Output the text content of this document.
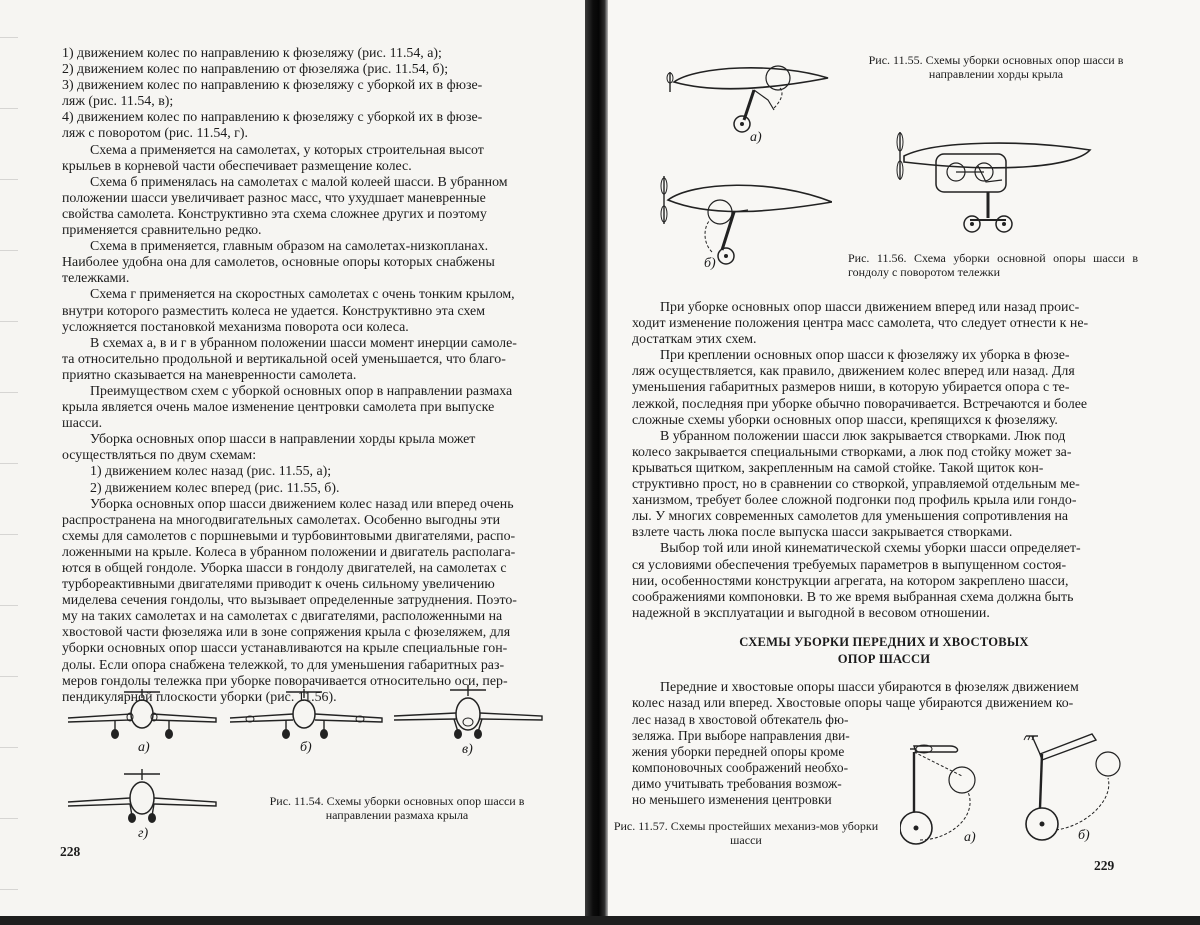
1) движением колес по направлению к фюзеляжу (рис. 11.54, а);
2) движением колес по направлению от фюзеляжа (рис. 11.54, б);
3) движением колес по направлению к фюзеляжу с уборкой их в фюзе-
ляж (рис. 11.54, в);
4) движением колес по направлению к фюзеляжу с уборкой их в фюзе-
ляж с поворотом (рис. 11.54, г).
Схема а применяется на самолетах, у которых строительная высот
крыльев в корневой части обеспечивает размещение колес.
Схема б применялась на самолетах с малой колеей шасси. В убранном
положении шасси увеличивает разнос масс, что ухудшает маневренные
свойства самолета. Конструктивно эта схема сложнее других и поэтому
применяется сравнительно редко.
Схема в применяется, главным образом на самолетах-низкопланах.
Наиболее удобна она для самолетов, основные опоры которых снабжены
тележками.
Схема г применяется на скоростных самолетах с очень тонким крылом,
внутри которого разместить колеса не удается. Конструктивно эта схем
усложняется постановкой механизма поворота оси колеса.
В схемах а, в и г в убранном положении шасси момент инерции самоле-
та относительно продольной и вертикальной осей уменьшается, что благо-
приятно сказывается на маневренности самолета.
Преимуществом схем с уборкой основных опор в направлении размаха
крыла является очень малое изменение центровки самолета при выпуске
шасси.
Уборка основных опор шасси в направлении хорды крыла может
осуществляться по двум схемам:
1) движением колес назад (рис. 11.55, а);
2) движением колес вперед (рис. 11.55, б).
Уборка основных опор шасси движением колес назад или вперед очень
распространена на многодвигательных самолетах. Особенно выгодны эти
схемы для самолетов с поршневыми и турбовинтовыми двигателями, распо-
ложенными на крыле. Колеса в убранном положении и двигатель располага-
ются в общей гондоле. Уборка шасси в гондолу двигателей, на самолетах с
турбореактивными двигателями приводит к очень сильному увеличению
миделева сечения гондолы, что вызывает определенные затруднения. Поэто-
му на таких самолетах и на самолетах с двигателями, расположенными на
хвостовой части фюзеляжа или в зоне сопряжения крыла с фюзеляжем, для
уборки основных опор шасси устанавливаются на крыле специальные гон-
долы. Если опора снабжена тележкой, то для уменьшения габаритных раз-
меров гондолы тележка при уборке поворачивается относительно оси, пер-
пендикулярной плоскости уборки (рис. 11.56).
а)	б)	в)
г)
Рис. 11.54. Схемы уборки основных опор шасси в направлении размаха крыла
228
а)
б)
Рис. 11.55. Схемы уборки основных опор шасси в направлении хорды крыла
Рис. 11.56. Схема уборки основной опоры шасси в гондолу с поворотом тележки
При уборке основных опор шасси движением вперед или назад проис-
ходит изменение положения центра масс самолета, что следует отнести к не-
достаткам этих схем.
При креплении основных опор шасси к фюзеляжу их уборка в фюзе-
ляж осуществляется, как правило, движением колес вперед или назад. Для
уменьшения габаритных размеров ниши, в которую убирается опора с те-
лежкой, последняя при уборке обычно поворачивается. Встречаются и более
сложные схемы уборки основных опор шасси, крепящихся к фюзеляжу.
В убранном положении шасси люк закрывается створками. Люк под
колесо закрывается специальными створками, а люк под стойку может за-
крываться щитком, закрепленным на самой стойке. Такой щиток кон-
структивно прост, но в сравнении со створкой, управляемой отдельным ме-
ханизмом, требует более сложной подгонки под профиль крыла или гондо-
лы. У многих современных самолетов для уменьшения сопротивления на
взлете часть люка после выпуска шасси закрывается створками.
Выбор той или иной кинематической схемы уборки шасси определяет-
ся условиями обеспечения требуемых параметров в выпущенном состоя-
нии, особенностями конструкции агрегата, на котором закреплено шасси,
соображениями компоновки. В то же время выбранная схема должна быть
надежной в эксплуатации и выгодной в весовом отношении.
СХЕМЫ УБОРКИ ПЕРЕДНИХ И ХВОСТОВЫХ
ОПОР ШАССИ
Передние и хвостовые опоры шасси убираются в фюзеляж движением
колес назад или вперед. Хвостовые опоры чаще убираются движением ко-
лес назад в хвостовой обтекатель фю-
зеляжа. При выборе направления дви-
жения уборки передней опоры кроме
компоновочных соображений необхо-
димо учитывать требования возмож-
но меньшего изменения центровки
а)	б)
Рис. 11.57. Схемы простейших механиз-мов уборки шасси
229
